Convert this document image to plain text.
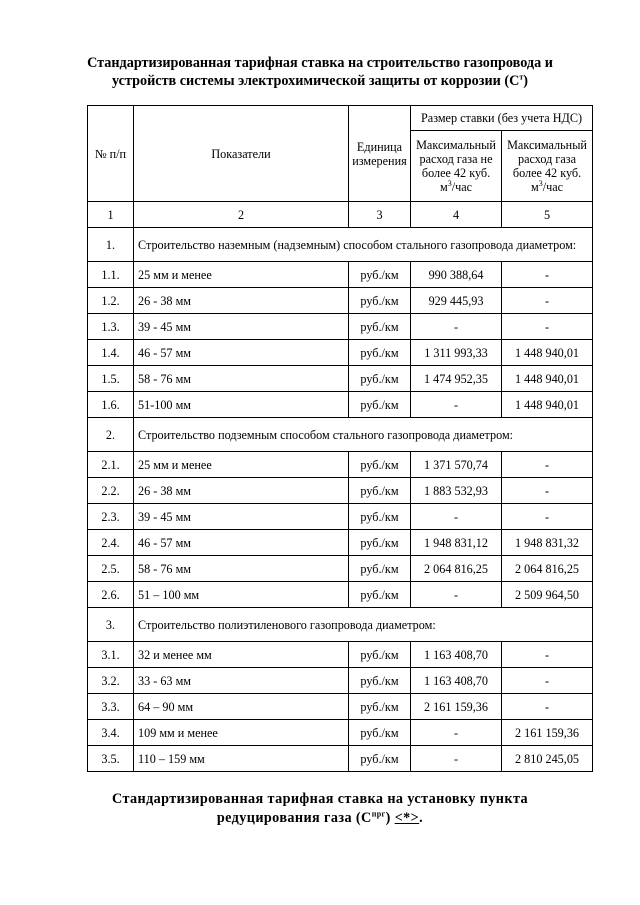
Стандартизированная тарифная ставка на строительство газопровода и
устройств системы электрохимической защиты от коррозии $(С^т)$
№ п/п	Показатели	Единица измерения	Размер ставки (без учета НДС)	
			Максимальный расход газа не более 42 куб. $м^3$/час	Максимальный расход газа более 42 куб. $м^3$/час
1	2	3	4	5
1.	Строительство наземным (надземным) способом стального газопровода диаметром:			
1.1.	25 мм и менее	руб./км	990 388,64	-
1.2.	26 - 38 мм	руб./км	929 445,93	-
1.3.	39 - 45 мм	руб./км	-	-
1.4.	46 - 57 мм	руб./км	1 311 993,33	1 448 940,01
1.5.	58 - 76 мм	руб./км	1 474 952,35	1 448 940,01
1.6.	51-100 мм	руб./км	-	1 448 940,01
2.	Строительство подземным способом стального газопровода диаметром:			
2.1.	25 мм и менее	руб./км	1 371 570,74	-
2.2.	26 - 38 мм	руб./км	1 883 532,93	-
2.3.	39 - 45 мм	руб./км	-	-
2.4.	46 - 57 мм	руб./км	1 948 831,12	1 948 831,32
2.5.	58 - 76 мм	руб./км	2 064 816,25	2 064 816,25
2.6.	51 – 100 мм	руб./км	-	2 509 964,50
3.	Строительство полиэтиленового газопровода диаметром:			
3.1.	32 и менее мм	руб./км	1 163 408,70	-
3.2.	33 - 63 мм	руб./км	1 163 408,70	-
3.3.	64 – 90 мм	руб./км	2 161 159,36	-
3.4.	109 мм и менее	руб./км	-	2 161 159,36
3.5.	110 – 159 мм	руб./км	-	2 810 245,05
Стандартизированная тарифная ставка на установку пункта
редуцирования газа $(С^{прг})$ <*>.
